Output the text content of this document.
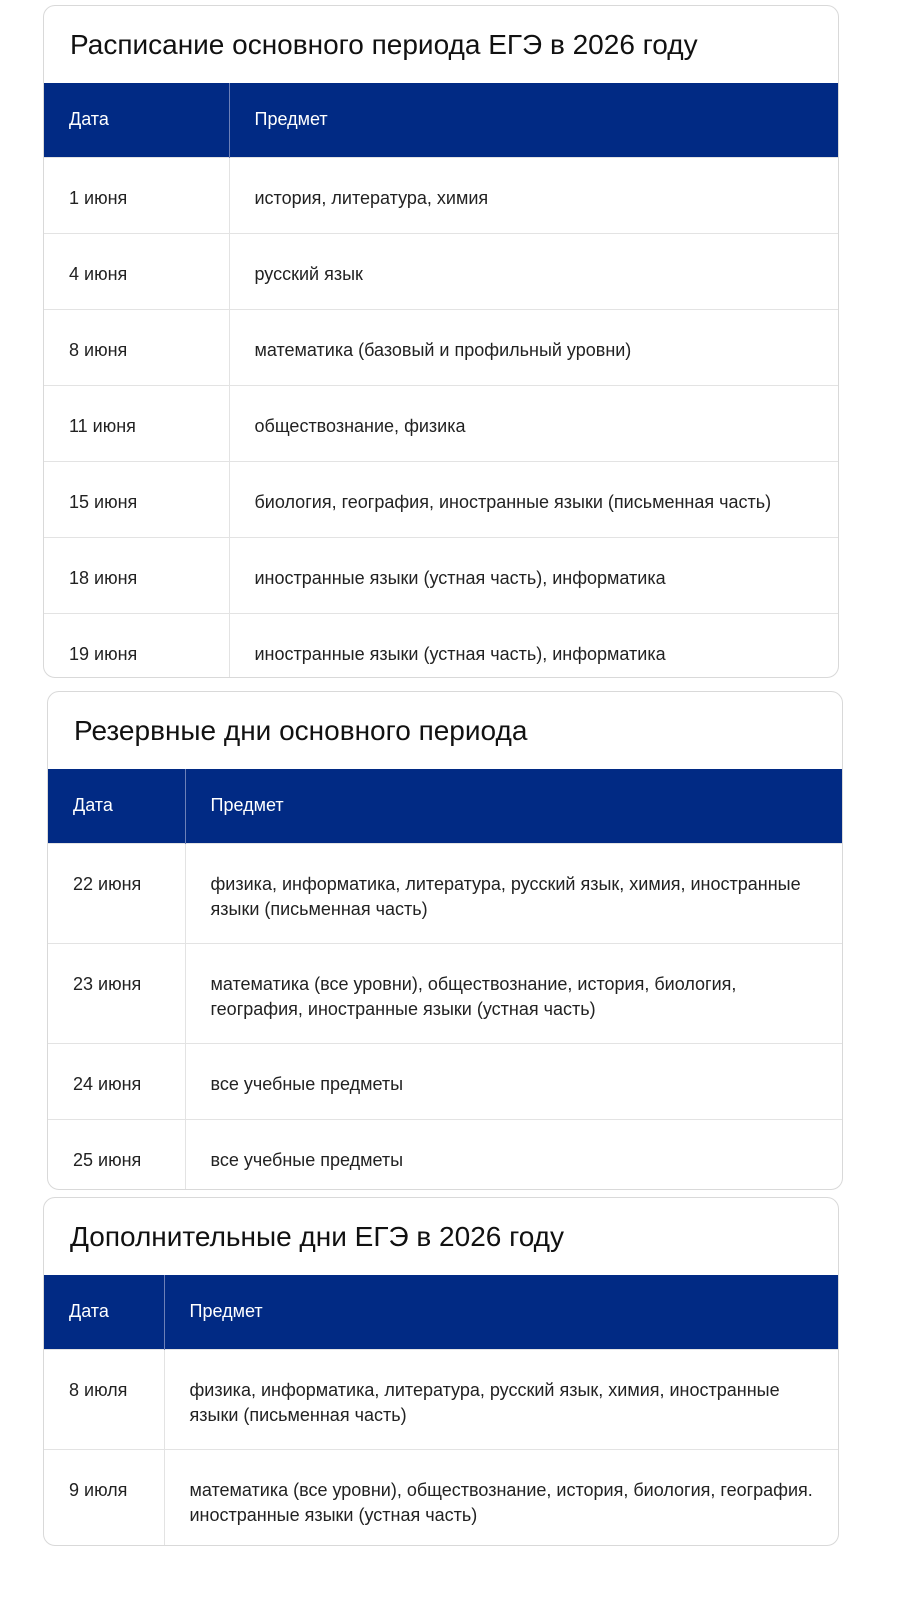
Расписание основного периода ЕГЭ в 2026 году
Дата	Предмет
1 июня	история, литература, химия
4 июня	русский язык
8 июня	математика (базовый и профильный уровни)
11 июня	обществознание, физика
15 июня	биология, география, иностранные языки (письменная часть)
18 июня	иностранные языки (устная часть), информатика
19 июня	иностранные языки (устная часть), информатика
Резервные дни основного периода
Дата	Предмет
22 июня	физика, информатика, литература, русский язык, химия, иностранные языки (письменная часть)
23 июня	математика (все уровни), обществознание, история, биология, география, иностранные языки (устная часть)
24 июня	все учебные предметы
25 июня	все учебные предметы
Дополнительные дни ЕГЭ в 2026 году
Дата	Предмет
8 июля	физика, информатика, литература, русский язык, химия, иностранные языки (письменная часть)
9 июля	математика (все уровни), обществознание, история, биология, география. иностранные языки (устная часть)
